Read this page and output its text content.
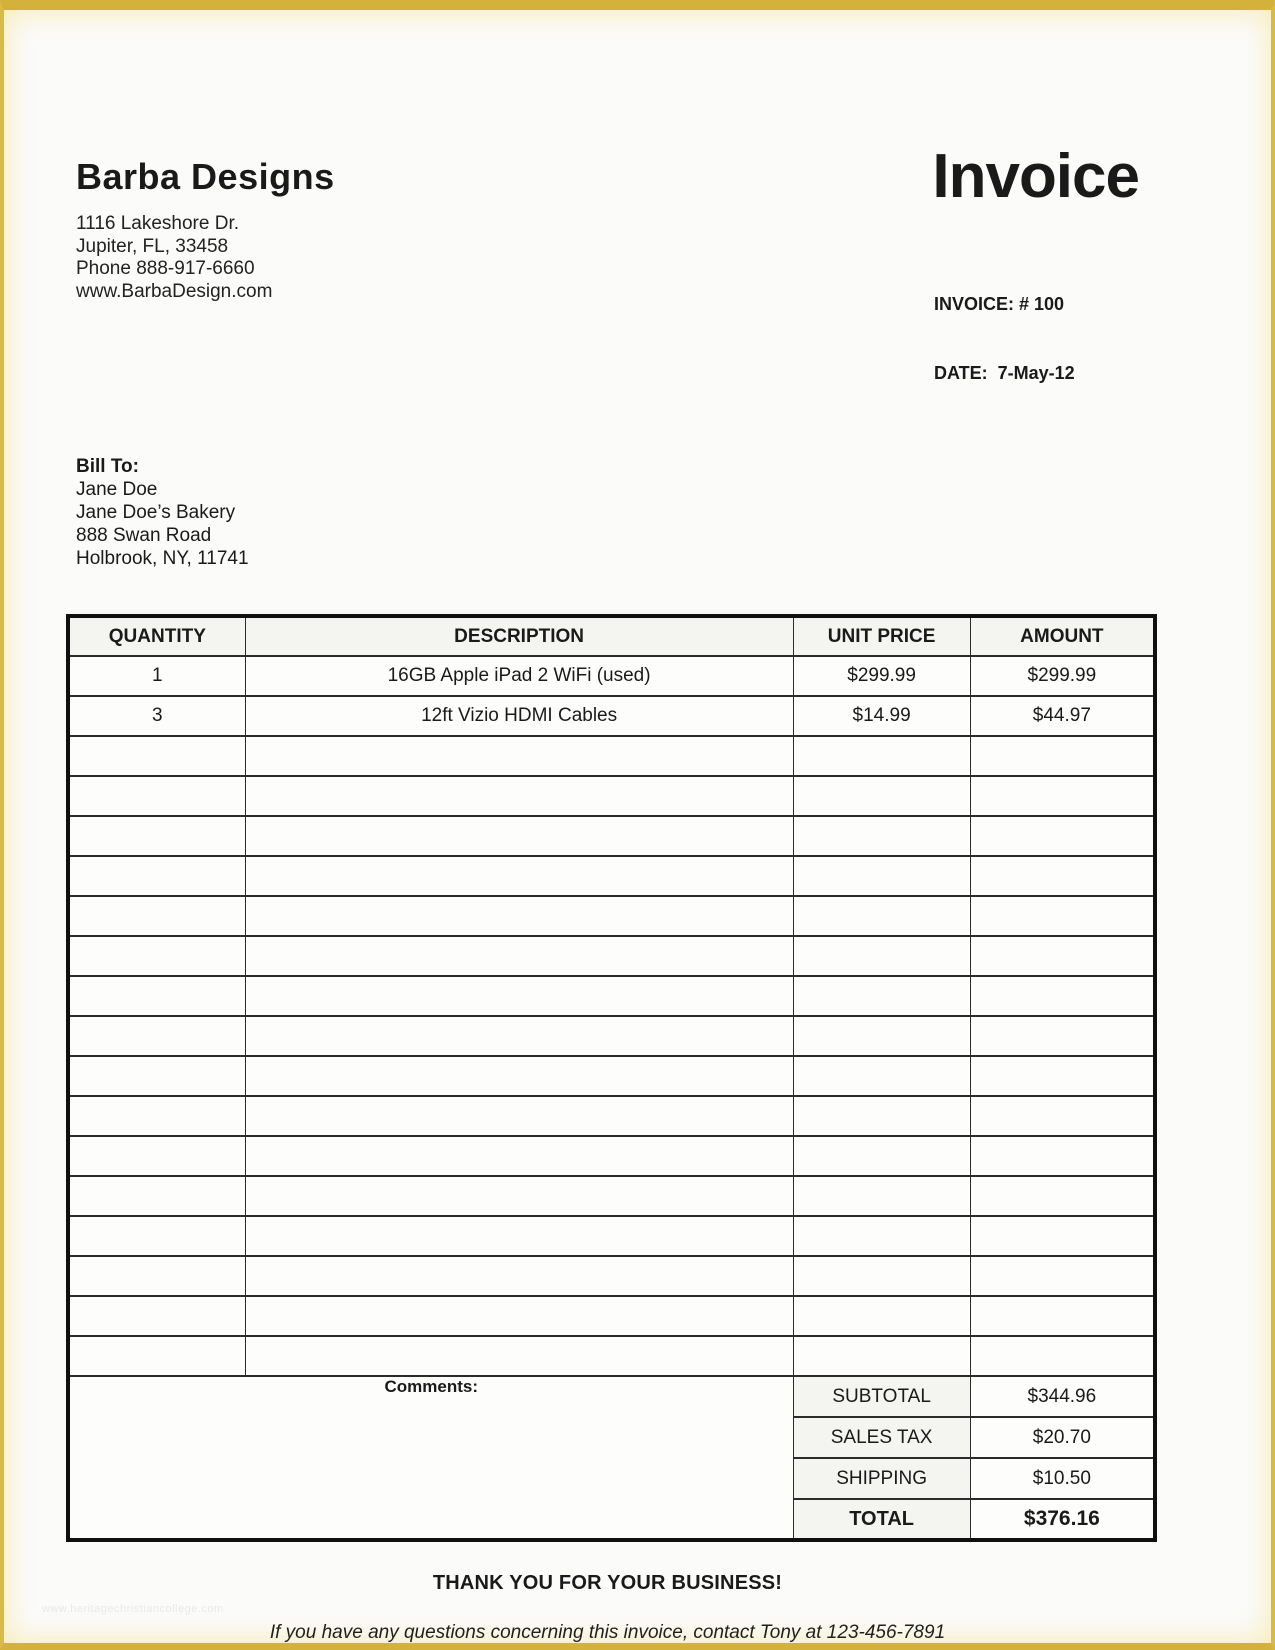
Barba Designs
1116 Lakeshore Dr.
Jupiter, FL, 33458
Phone 888-917-6660
www.BarbaDesign.com
Invoice

INVOICE: # 100

DATE:  7-May-12

Bill To:
Jane Doe
Jane Doe’s Bakery
888 Swan Road
Holbrook, NY, 11741
QUANTITY	DESCRIPTION	UNIT PRICE	AMOUNT
1	16GB Apple iPad 2 WiFi (used)	$299.99	$299.99
3	12ft Vizio HDMI Cables	$14.99	$44.97

Comments:		SUBTOTAL	$344.96
		SALES TAX	$20.70
		SHIPPING	$10.50
		TOTAL	$376.16
THANK YOU FOR YOUR BUSINESS!
If you have any questions concerning this invoice, contact Tony at 123-456-7891
www.heritagechristiancollege.com
